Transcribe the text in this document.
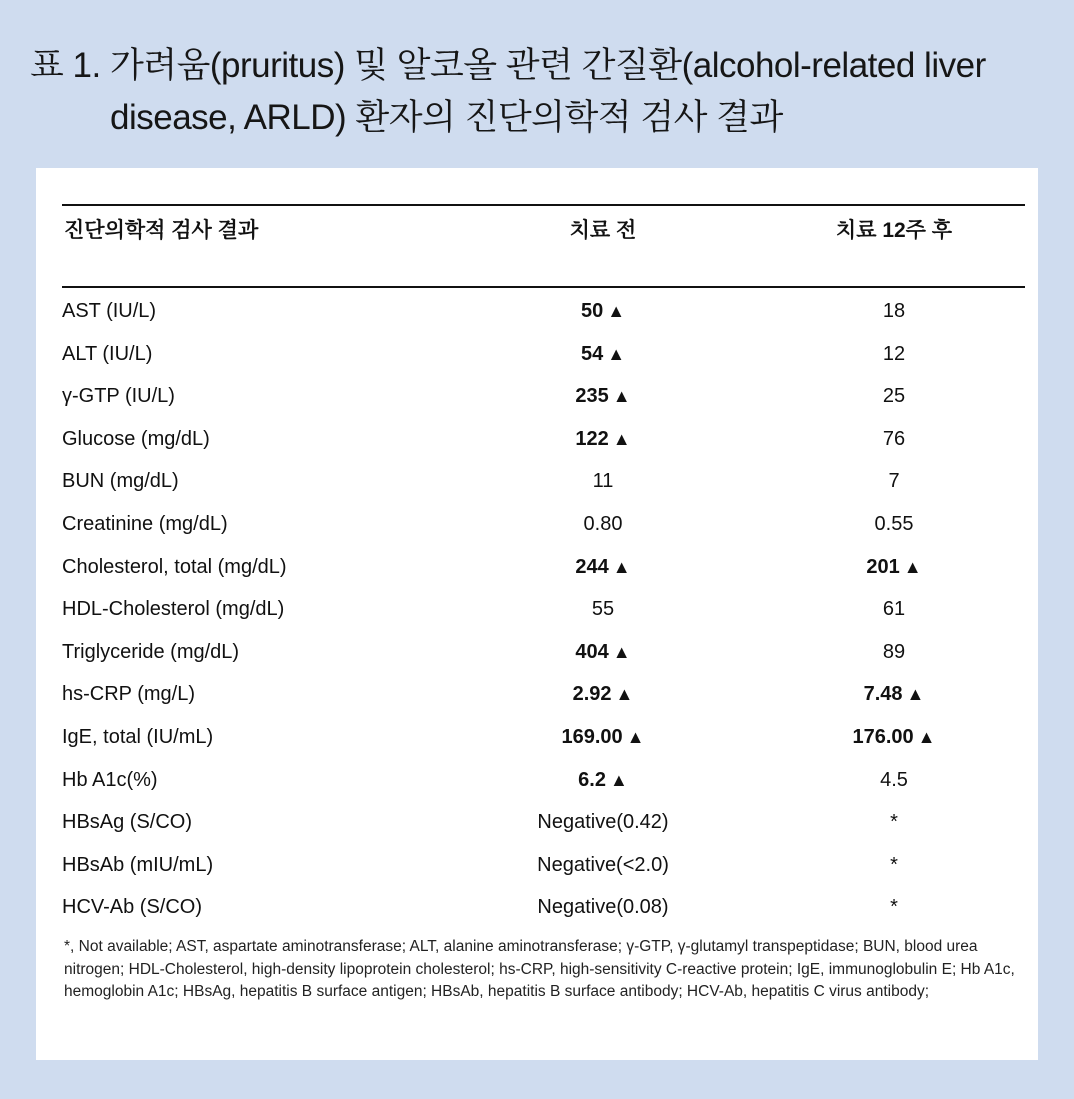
표 1. 가려움(pruritus) 및 알코올 관련 간질환(alcohol-related liver
disease, ARLD) 환자의 진단의학적 검사 결과
진단의학적 검사 결과	치료 전	치료 12주 후
AST (IU/L)	50 ▲	18
ALT (IU/L)	54 ▲	12
γ-GTP (IU/L)	235 ▲	25
Glucose (mg/dL)	122 ▲	76
BUN (mg/dL)	11	7
Creatinine (mg/dL)	0.80	0.55
Cholesterol, total (mg/dL)	244 ▲	201 ▲
HDL-Cholesterol (mg/dL)	55	61
Triglyceride (mg/dL)	404 ▲	89
hs-CRP (mg/L)	2.92 ▲	7.48 ▲
IgE, total (IU/mL)	169.00 ▲	176.00 ▲
Hb A1c(%)	6.2 ▲	4.5
HBsAg (S/CO)	Negative(0.42)	*
HBsAb (mIU/mL)	Negative(<2.0)	*
HCV-Ab (S/CO)	Negative(0.08)	*
*, Not available; AST, aspartate aminotransferase; ALT, alanine aminotransferase; γ-GTP, γ-glutamyl transpeptidase; BUN, blood urea nitrogen; HDL-Cholesterol, high-density lipoprotein cholesterol; hs-CRP, high-sensitivity C-reactive protein; IgE, immunoglobulin E; Hb A1c, hemoglobin A1c; HBsAg, hepatitis B surface antigen; HBsAb, hepatitis B surface antibody; HCV-Ab, hepatitis C virus antibody;
